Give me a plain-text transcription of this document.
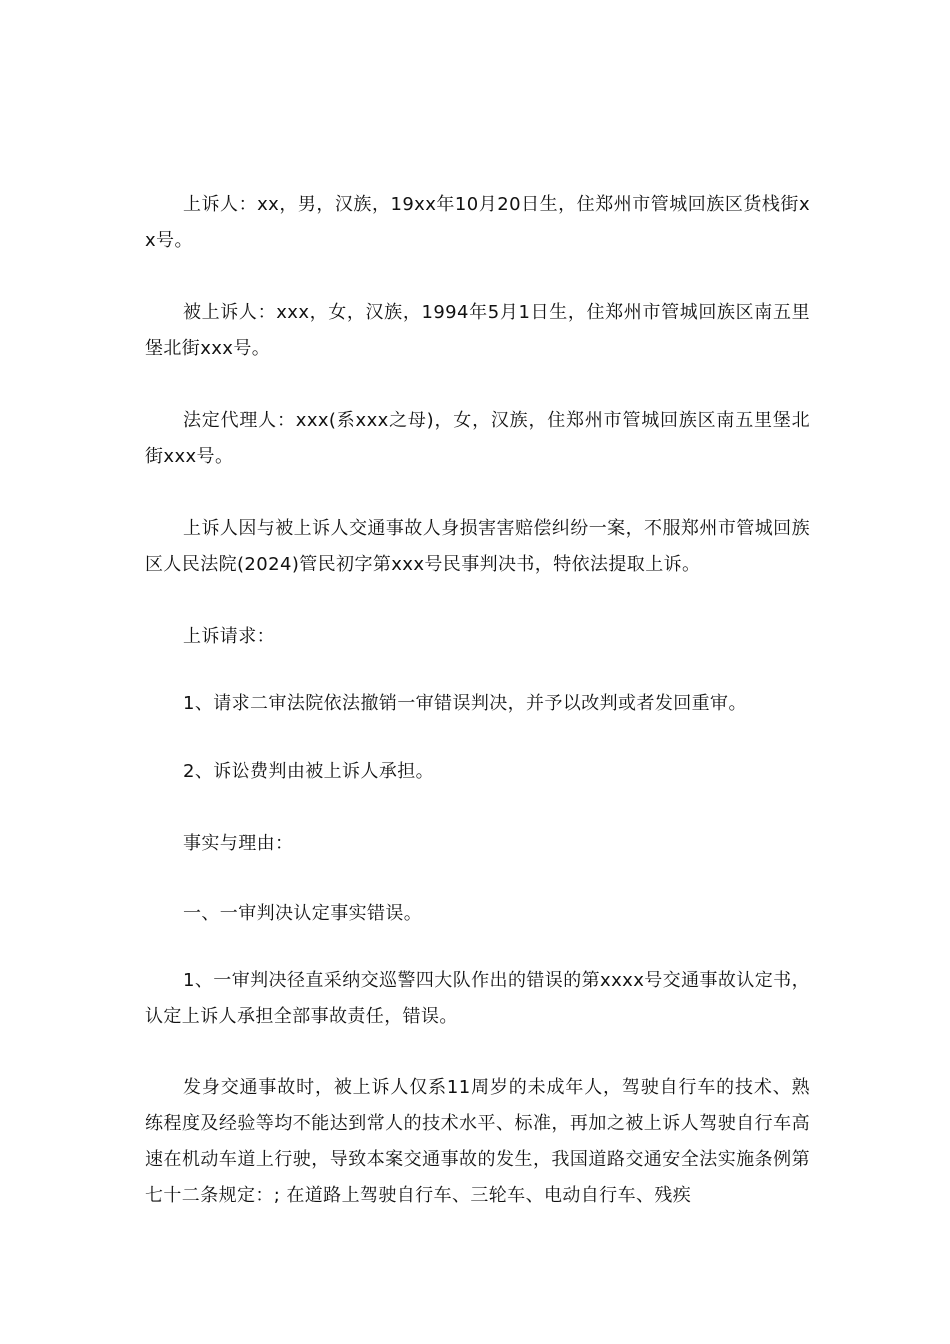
上诉人：xx，男，汉族，19xx年10月20日生，住郑州市管城回族区货栈街xx号。

被上诉人：xxx，女，汉族，1994年5月1日生，住郑州市管城回族区南五里堡北街xxx号。

法定代理人：xxx(系xxx之母)，女，汉族，住郑州市管城回族区南五里堡北街xxx号。

上诉人因与被上诉人交通事故人身损害害赔偿纠纷一案，不服郑州市管城回族区人民法院(2024)管民初字第xxx号民事判决书，特依法提取上诉。

上诉请求：

1、请求二审法院依法撤销一审错误判决，并予以改判或者发回重审。

2、诉讼费判由被上诉人承担。

事实与理由：

一、一审判决认定事实错误。

1、一审判决径直采纳交巡警四大队作出的错误的第xxxx号交通事故认定书，认定上诉人承担全部事故责任，错误。

发身交通事故时，被上诉人仅系11周岁的未成年人，驾驶自行车的技术、熟练程度及经验等均不能达到常人的技术水平、标准，再加之被上诉人驾驶自行车高速在机动车道上行驶，导致本案交通事故的发生，我国道路交通安全法实施条例第七十二条规定：; 在道路上驾驶自行车、三轮车、电动自行车、残疾
